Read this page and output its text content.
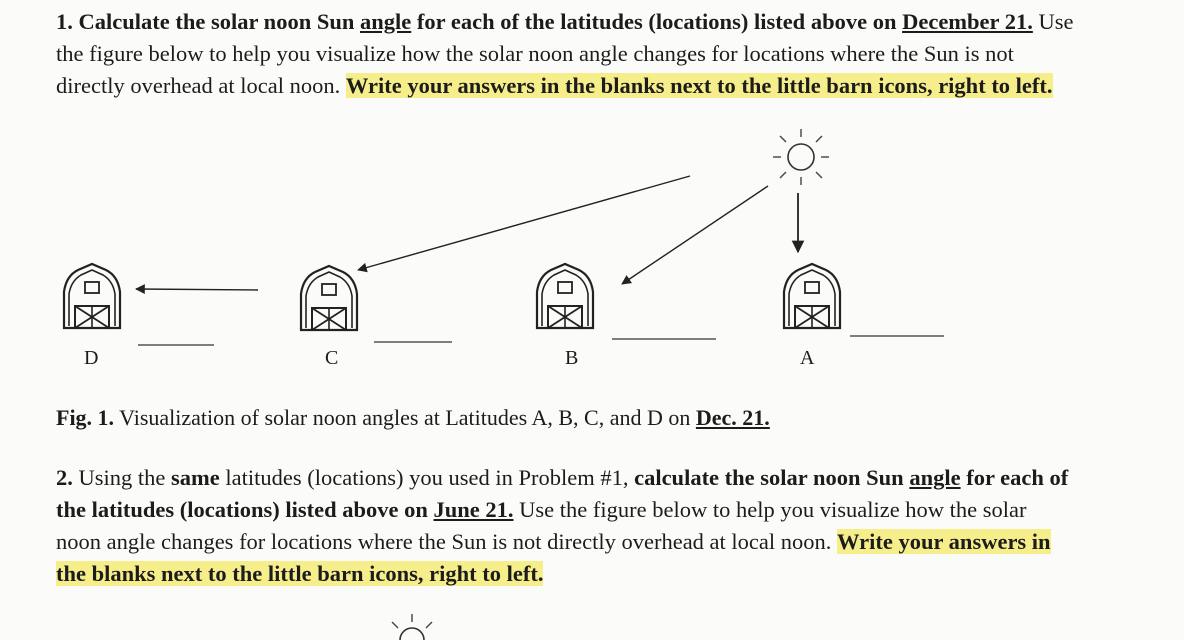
1. Calculate the solar noon Sun angle for each of the latitudes (locations) listed above on December 21. Use the figure below to help you visualize how the solar noon angle changes for locations where the Sun is not directly overhead at local noon. Write your answers in the blanks next to the little barn icons, right to left.

D	C	B	A

Fig. 1. Visualization of solar noon angles at Latitudes A, B, C, and D on Dec. 21.

2. Using the same latitudes (locations) you used in Problem #1, calculate the solar noon Sun angle for each of the latitudes (locations) listed above on June 21. Use the figure below to help you visualize how the solar noon angle changes for locations where the Sun is not directly overhead at local noon. Write your answers in the blanks next to the little barn icons, right to left.
